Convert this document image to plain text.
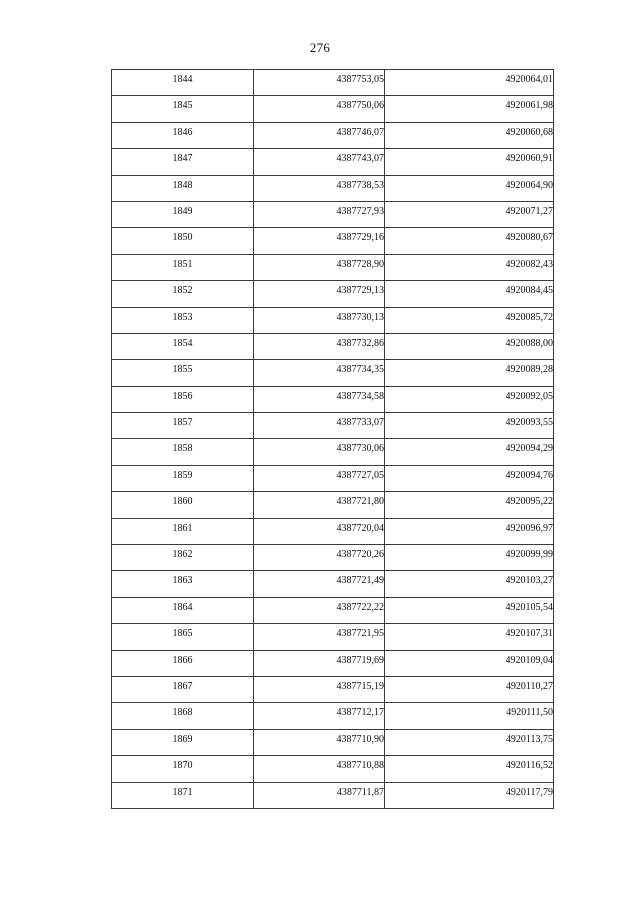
276
1844	4387753,05	4920064,01
1845	4387750,06	4920061,98
1846	4387746,07	4920060,68
1847	4387743,07	4920060,91
1848	4387738,53	4920064,90
1849	4387727,93	4920071,27
1850	4387729,16	4920080,67
1851	4387728,90	4920082,43
1852	4387729,13	4920084,45
1853	4387730,13	4920085,72
1854	4387732,86	4920088,00
1855	4387734,35	4920089,28
1856	4387734,58	4920092,05
1857	4387733,07	4920093,55
1858	4387730,06	4920094,29
1859	4387727,05	4920094,76
1860	4387721,80	4920095,22
1861	4387720,04	4920096,97
1862	4387720,26	4920099,99
1863	4387721,49	4920103,27
1864	4387722,22	4920105,54
1865	4387721,95	4920107,31
1866	4387719,69	4920109,04
1867	4387715,19	4920110,27
1868	4387712,17	4920111,50
1869	4387710,90	4920113,75
1870	4387710,88	4920116,52
1871	4387711,87	4920117,79
